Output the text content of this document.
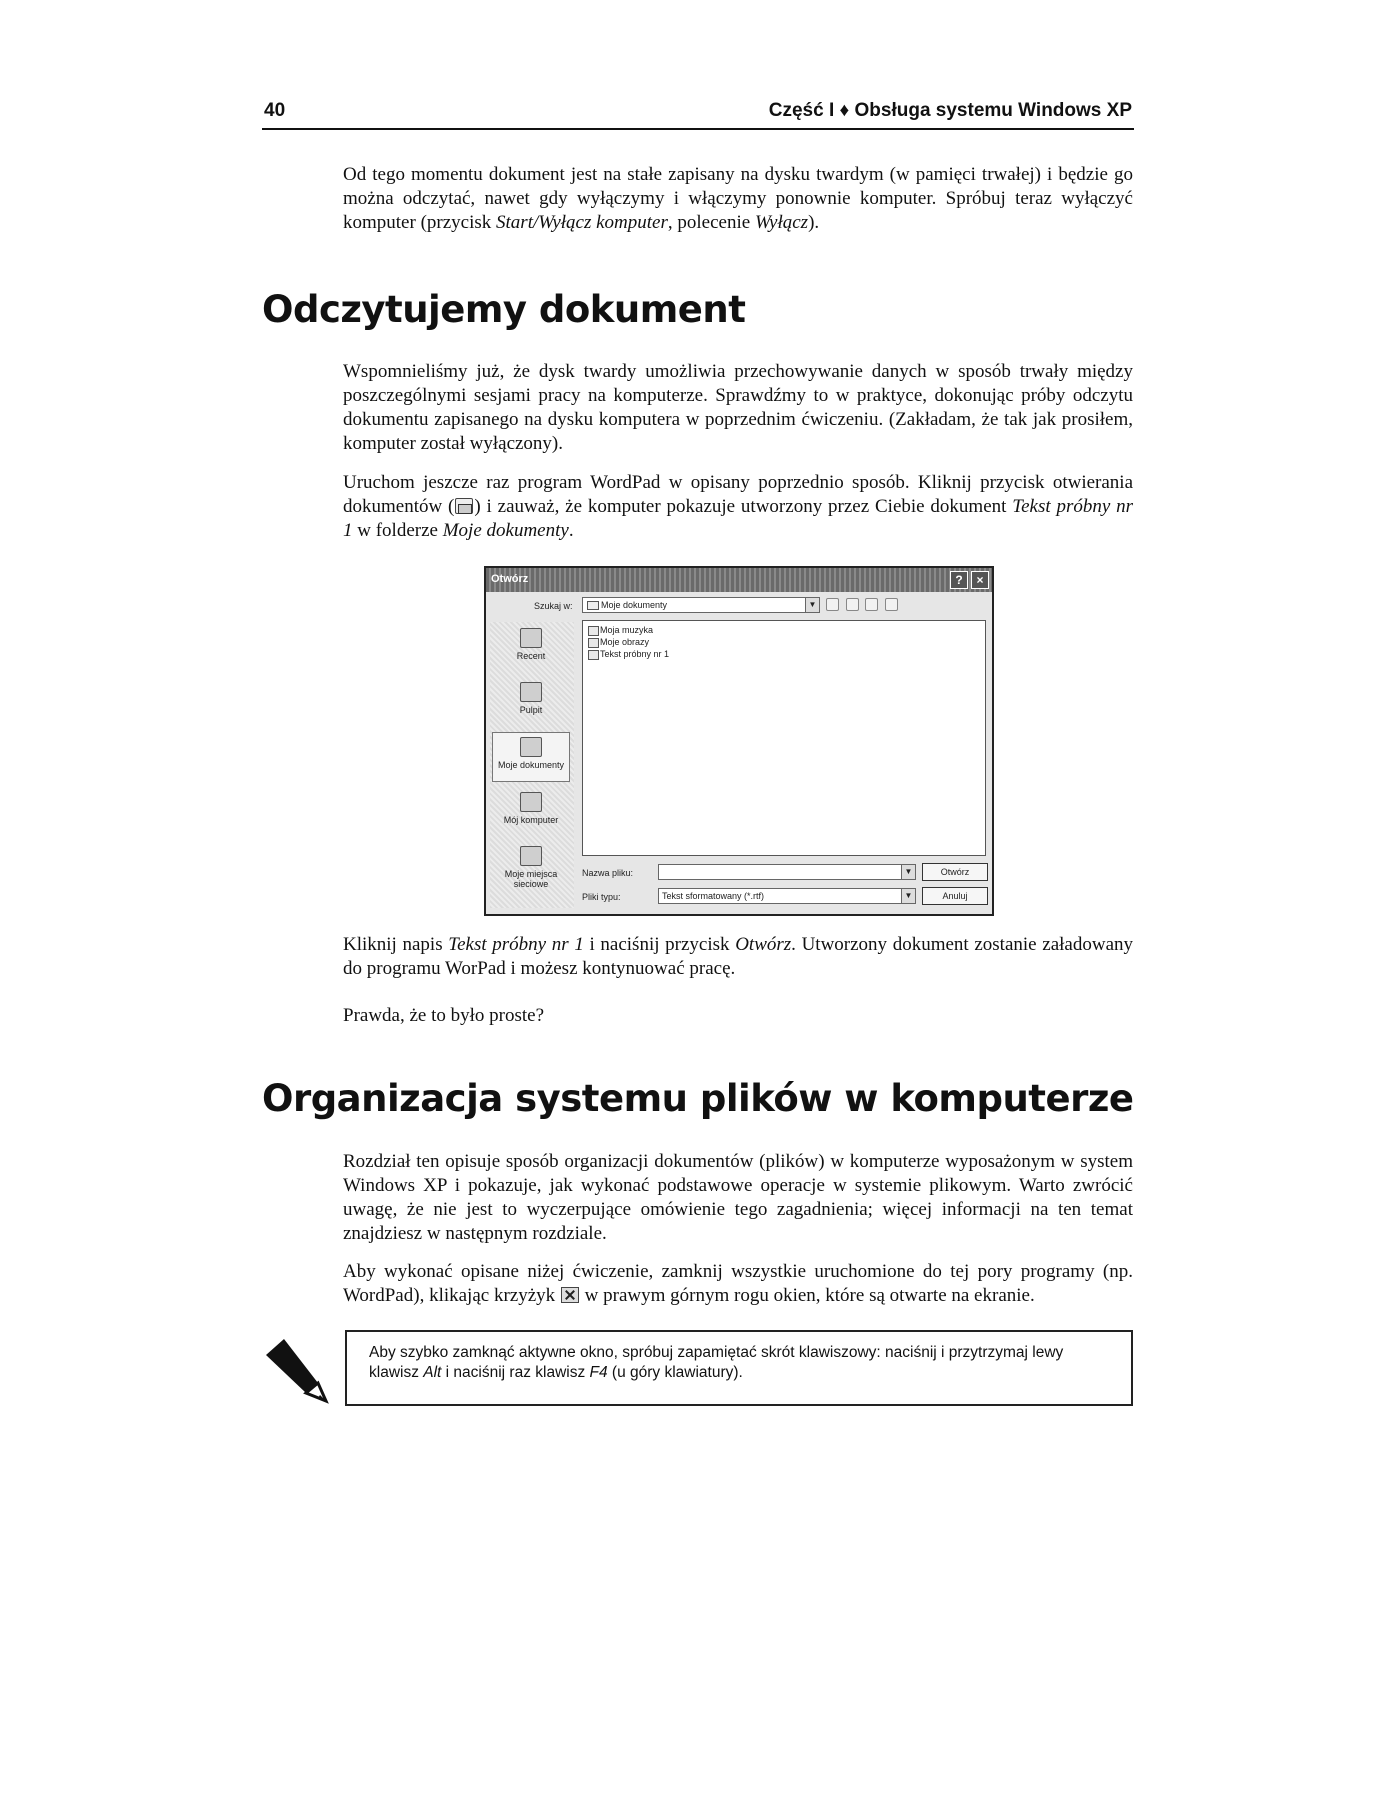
40	Część I ♦ Obsługa systemu Windows XP

Od tego momentu dokument jest na stałe zapisany na dysku twardym (w pamięci trwałej) i będzie go można odczytać, nawet gdy wyłączymy i włączymy ponownie komputer. Spróbuj teraz wyłączyć komputer (przycisk Start/Wyłącz komputer, polecenie Wyłącz).

Odczytujemy dokument

Wspomnieliśmy już, że dysk twardy umożliwia przechowywanie danych w sposób trwały między poszczególnymi sesjami pracy na komputerze. Sprawdźmy to w praktyce, dokonując próby odczytu dokumentu zapisanego na dysku komputera w poprzednim ćwiczeniu. (Zakładam, że tak jak prosiłem, komputer został wyłączony).

Uruchom jeszcze raz program WordPad w opisany poprzednio sposób. Kliknij przycisk otwierania dokumentów ( ) i zauważ, że komputer pokazuje utworzony przez Ciebie dokument Tekst próbny nr 1 w folderze Moje dokumenty.

Otwórz	?	×
Szukaj w:	Moje dokumenty	▼

Recent
Pulpit
Moje dokumenty
Mój komputer
Moje miejsca sieciowe
Moja muzyka
Moje obrazy
Tekst próbny nr 1
Nazwa pliku:	▼	Otwórz
Pliki typu:	Tekst sformatowany (*.rtf)	▼	Anuluj

Kliknij napis Tekst próbny nr 1 i naciśnij przycisk Otwórz. Utworzony dokument zostanie załadowany do programu WorPad i możesz kontynuować pracę.

Prawda, że to było proste?

Organizacja systemu plików w komputerze

Rozdział ten opisuje sposób organizacji dokumentów (plików) w komputerze wyposażonym w system Windows XP i pokazuje, jak wykonać podstawowe operacje w systemie plikowym. Warto zwrócić uwagę, że nie jest to wyczerpujące omówienie tego zagadnienia; więcej informacji na ten temat znajdziesz w następnym rozdziale.

Aby wykonać opisane niżej ćwiczenie, zamknij wszystkie uruchomione do tej pory programy (np. WordPad), klikając krzyżyk  w prawym górnym rogu okien, które są otwarte na ekranie.

Aby szybko zamknąć aktywne okno, spróbuj zapamiętać skrót klawiszowy: naciśnij i przytrzymaj lewy klawisz Alt i naciśnij raz klawisz F4 (u góry klawiatury).
